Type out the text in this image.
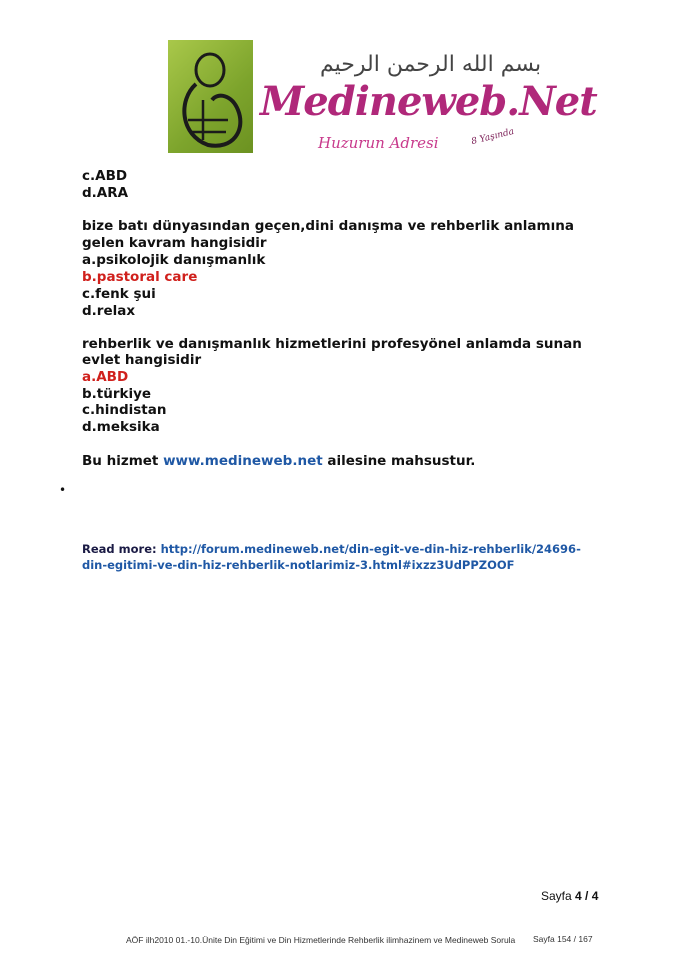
بسم الله الرحمن الرحيم
Medineweb.Net
Huzurun Adresi	8 Yaşında
c.ABD
d.ARA
bize batı dünyasından geçen,dini danışma ve rehberlik anlamına
gelen kavram hangisidir
a.psikolojik danışmanlık
b.pastoral care
c.fenk şui
d.relax
rehberlik ve danışmanlık hizmetlerini profesyönel anlamda sunan
evlet hangisidir
a.ABD
b.türkiye
c.hindistan
d.meksika
Bu hizmet www.medineweb.net ailesine mahsustur.
•
Read more: http://forum.medineweb.net/din-egit-ve-din-hiz-rehberlik/24696-
din-egitimi-ve-din-hiz-rehberlik-notlarimiz-3.html#ixzz3UdPPZOOF
Sayfa 4 / 4
AÖF ilh2010 01.-10.Ünite Din Eğitimi ve Din Hizmetlerinde Rehberlik ilimhazinem ve Medineweb Sorula Sayfa 154 / 167
